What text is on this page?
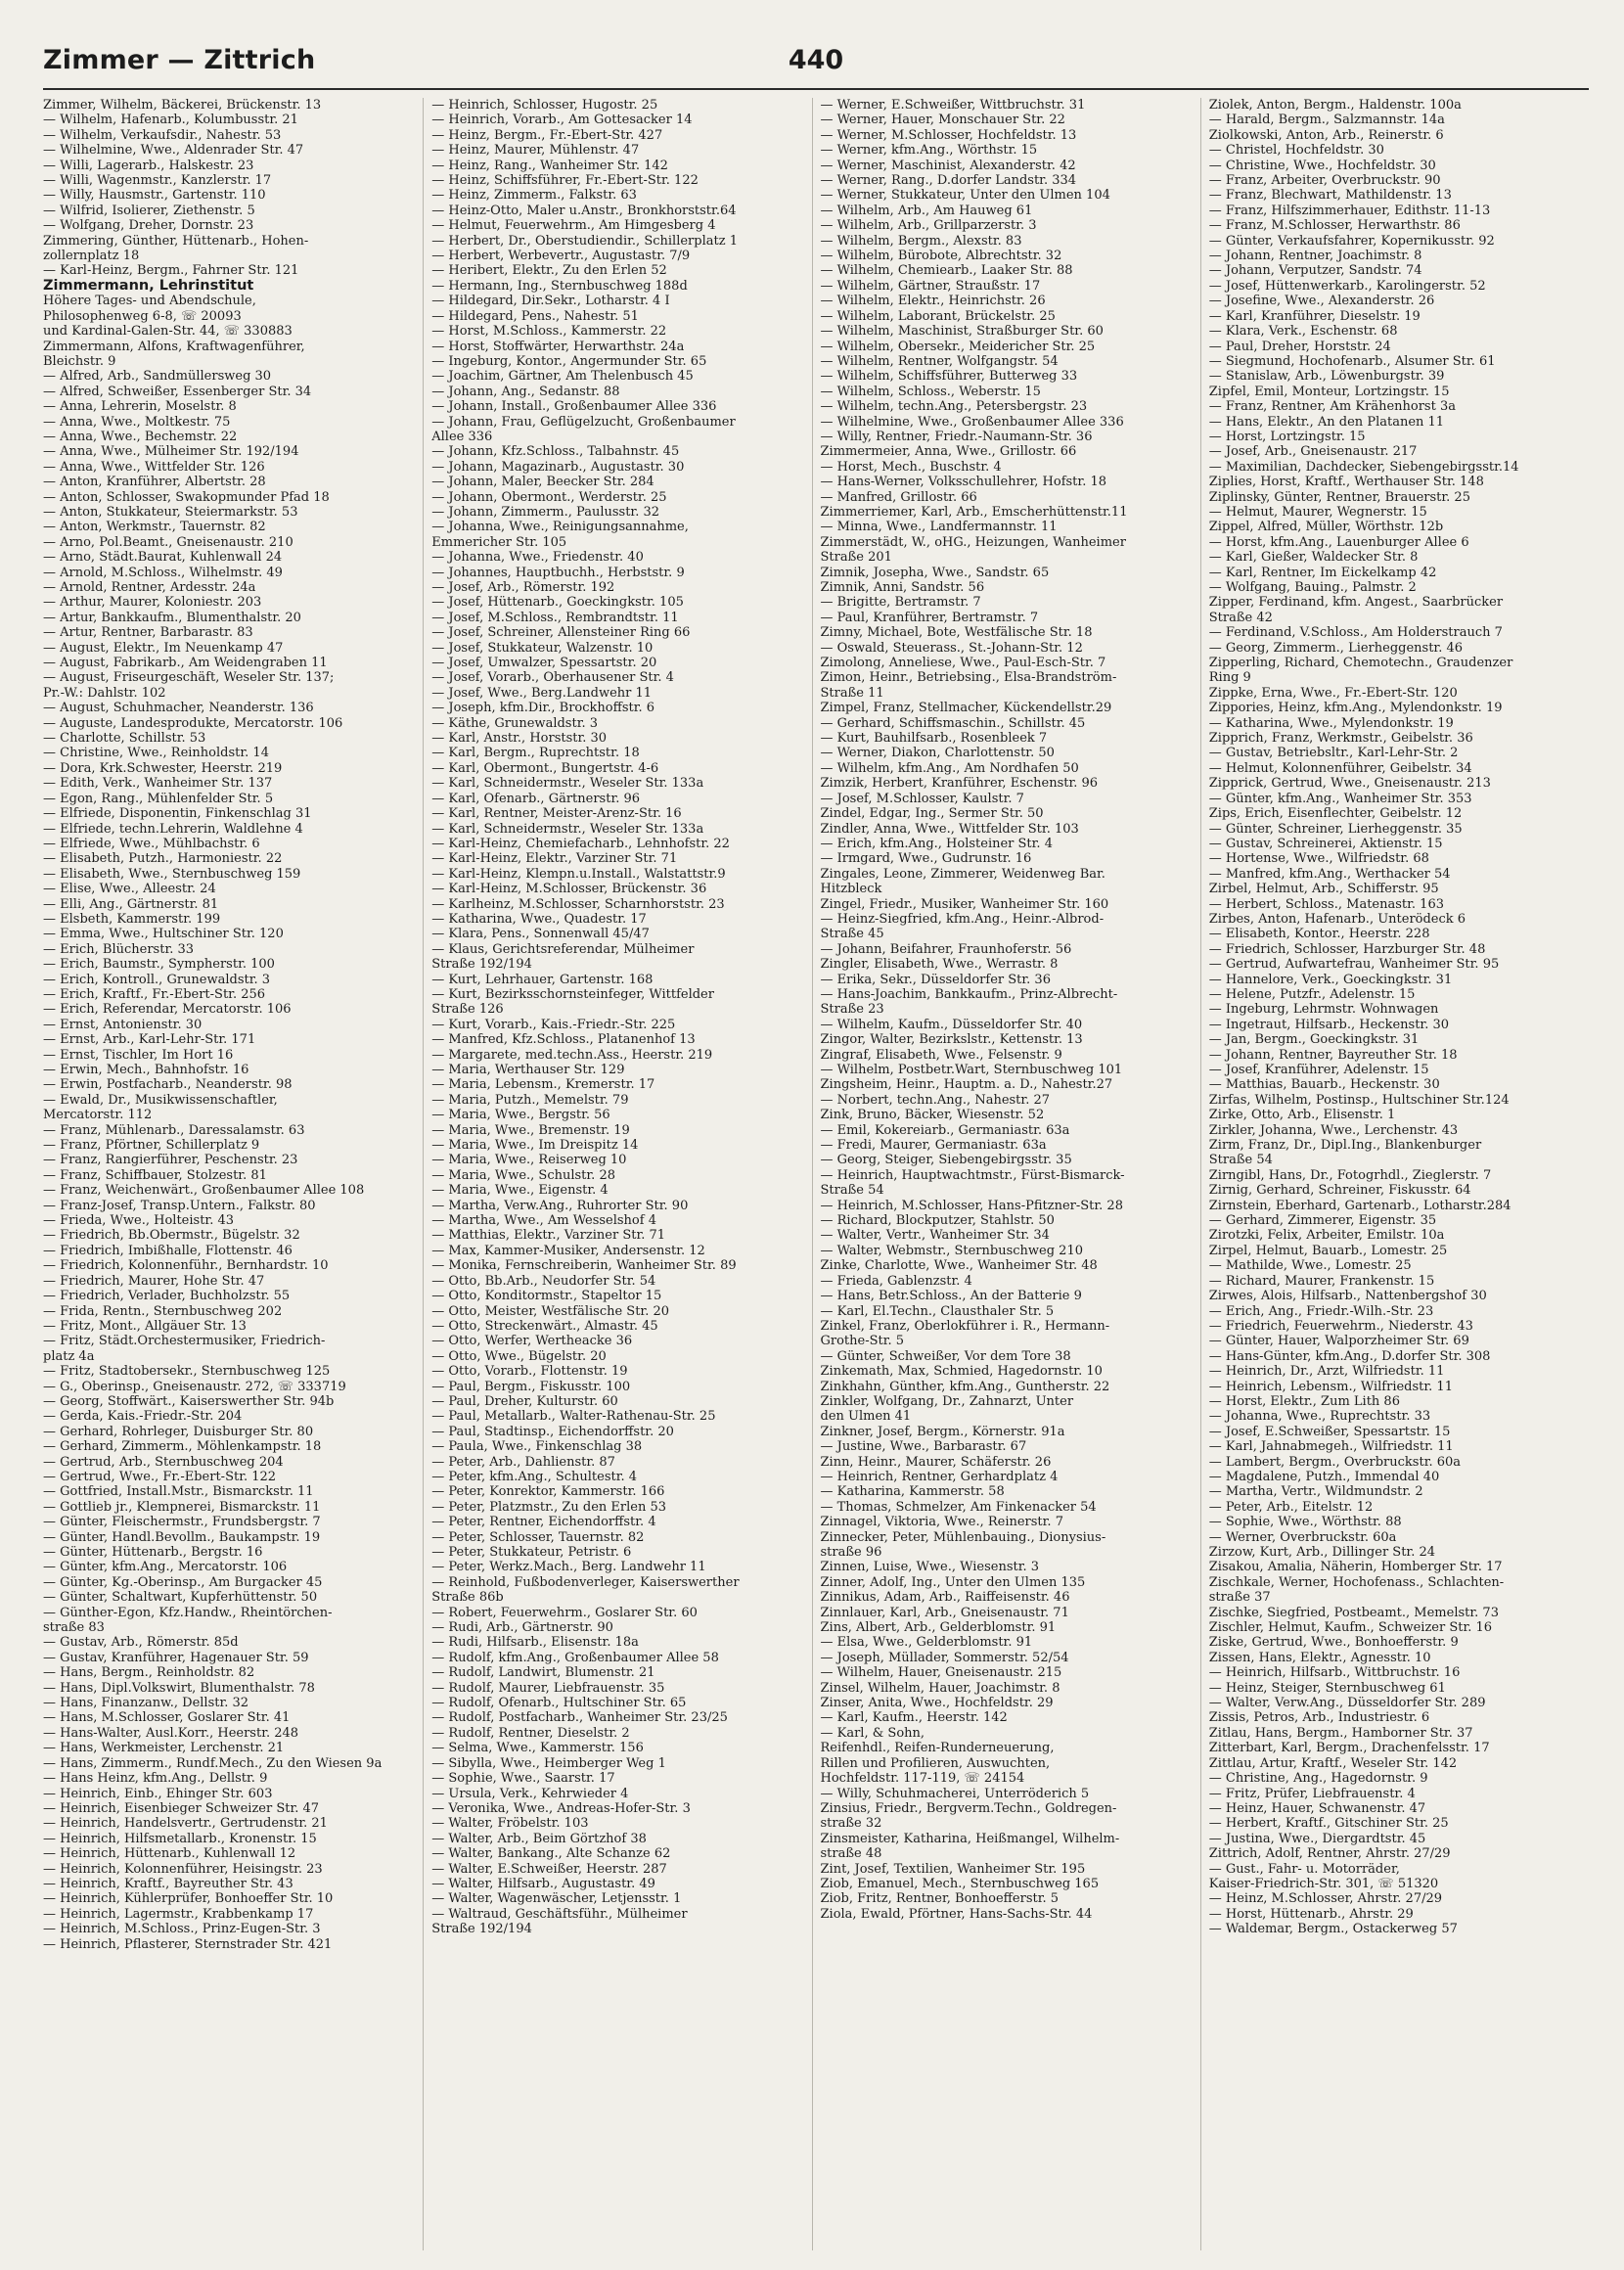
Zimmer — Zittrich	440
Zimmer, Wilhelm, Bäckerei, Brückenstr. 13
— Wilhelm, Hafenarb., Kolumbusstr. 21
— Wilhelm, Verkaufsdir., Nahestr. 53
— Wilhelmine, Wwe., Aldenrader Str. 47
— Willi, Lagerarb., Halskestr. 23
— Willi, Wagenmstr., Kanzlerstr. 17
— Willy, Hausmstr., Gartenstr. 110
— Wilfrid, Isolierer, Ziethenstr. 5
— Wolfgang, Dreher, Dornstr. 23
Zimmering, Günther, Hüttenarb., Hohen-
zollernplatz 18
— Karl-Heinz, Bergm., Fahrner Str. 121
Zimmermann, Lehrinstitut
Höhere Tages- und Abendschule,
Philosophenweg 6-8, ☏ 20093
und Kardinal-Galen-Str. 44, ☏ 330883
Zimmermann, Alfons, Kraftwagenführer,
Bleichstr. 9
— Alfred, Arb., Sandmüllersweg 30
— Alfred, Schweißer, Essenberger Str. 34
— Anna, Lehrerin, Moselstr. 8
— Anna, Wwe., Moltkestr. 75
— Anna, Wwe., Bechemstr. 22
— Anna, Wwe., Mülheimer Str. 192/194
— Anna, Wwe., Wittfelder Str. 126
— Anton, Kranführer, Albertstr. 28
— Anton, Schlosser, Swakopmunder Pfad 18
— Anton, Stukkateur, Steiermarkstr. 53
— Anton, Werkmstr., Tauernstr. 82
— Arno, Pol.Beamt., Gneisenaustr. 210
— Arno, Städt.Baurat, Kuhlenwall 24
— Arnold, M.Schloss., Wilhelmstr. 49
— Arnold, Rentner, Ardesstr. 24a
— Arthur, Maurer, Koloniestr. 203
— Artur, Bankkaufm., Blumenthalstr. 20
— Artur, Rentner, Barbarastr. 83
— August, Elektr., Im Neuenkamp 47
— August, Fabrikarb., Am Weidengraben 11
— August, Friseurgeschäft, Weseler Str. 137;
Pr.-W.: Dahlstr. 102
— August, Schuhmacher, Neanderstr. 136
— Auguste, Landesprodukte, Mercatorstr. 106
— Charlotte, Schillstr. 53
— Christine, Wwe., Reinholdstr. 14
— Dora, Krk.Schwester, Heerstr. 219
— Edith, Verk., Wanheimer Str. 137
— Egon, Rang., Mühlenfelder Str. 5
— Elfriede, Disponentin, Finkenschlag 31
— Elfriede, techn.Lehrerin, Waldlehne 4
— Elfriede, Wwe., Mühlbachstr. 6
— Elisabeth, Putzh., Harmoniestr. 22
— Elisabeth, Wwe., Sternbuschweg 159
— Elise, Wwe., Alleestr. 24
— Elli, Ang., Gärtnerstr. 81
— Elsbeth, Kammerstr. 199
— Emma, Wwe., Hultschiner Str. 120
— Erich, Blücherstr. 33
— Erich, Baumstr., Sympherstr. 100
— Erich, Kontroll., Grunewaldstr. 3
— Erich, Kraftf., Fr.-Ebert-Str. 256
— Erich, Referendar, Mercatorstr. 106
— Ernst, Antonienstr. 30
— Ernst, Arb., Karl-Lehr-Str. 171
— Ernst, Tischler, Im Hort 16
— Erwin, Mech., Bahnhofstr. 16
— Erwin, Postfacharb., Neanderstr. 98
— Ewald, Dr., Musikwissenschaftler,
Mercatorstr. 112
— Franz, Mühlenarb., Daressalamstr. 63
— Franz, Pförtner, Schillerplatz 9
— Franz, Rangierführer, Peschenstr. 23
— Franz, Schiffbauer, Stolzestr. 81
— Franz, Weichenwärt., Großenbaumer Allee 108
— Franz-Josef, Transp.Untern., Falkstr. 80
— Frieda, Wwe., Holteistr. 43
— Friedrich, Bb.Obermstr., Bügelstr. 32
— Friedrich, Imbißhalle, Flottenstr. 46
— Friedrich, Kolonnenführ., Bernhardstr. 10
— Friedrich, Maurer, Hohe Str. 47
— Friedrich, Verlader, Buchholzstr. 55
— Frida, Rentn., Sternbuschweg 202
— Fritz, Mont., Allgäuer Str. 13
— Fritz, Städt.Orchestermusiker, Friedrich-
platz 4a
— Fritz, Stadtobersekr., Sternbuschweg 125
— G., Oberinsp., Gneisenaustr. 272, ☏ 333719
— Georg, Stoffwärt., Kaiserswerther Str. 94b
— Gerda, Kais.-Friedr.-Str. 204
— Gerhard, Rohrleger, Duisburger Str. 80
— Gerhard, Zimmerm., Möhlenkampstr. 18
— Gertrud, Arb., Sternbuschweg 204
— Gertrud, Wwe., Fr.-Ebert-Str. 122
— Gottfried, Install.Mstr., Bismarckstr. 11
— Gottlieb jr., Klempnerei, Bismarckstr. 11
— Günter, Fleischermstr., Frundsbergstr. 7
— Günter, Handl.Bevollm., Baukampstr. 19
— Günter, Hüttenarb., Bergstr. 16
— Günter, kfm.Ang., Mercatorstr. 106
— Günter, Kg.-Oberinsp., Am Burgacker 45
— Günter, Schaltwart, Kupferhüttenstr. 50
— Günther-Egon, Kfz.Handw., Rheintörchen-
straße 83
— Gustav, Arb., Römerstr. 85d
— Gustav, Kranführer, Hagenauer Str. 59
— Hans, Bergm., Reinholdstr. 82
— Hans, Dipl.Volkswirt, Blumenthalstr. 78
— Hans, Finanzanw., Dellstr. 32
— Hans, M.Schlosser, Goslarer Str. 41
— Hans-Walter, Ausl.Korr., Heerstr. 248
— Hans, Werkmeister, Lerchenstr. 21
— Hans, Zimmerm., Rundf.Mech., Zu den Wiesen 9a
— Hans Heinz, kfm.Ang., Dellstr. 9
— Heinrich, Einb., Ehinger Str. 603
— Heinrich, Eisenbieger Schweizer Str. 47
— Heinrich, Handelsvertr., Gertrudenstr. 21
— Heinrich, Hilfsmetallarb., Kronenstr. 15
— Heinrich, Hüttenarb., Kuhlenwall 12
— Heinrich, Kolonnenführer, Heisingstr. 23
— Heinrich, Kraftf., Bayreuther Str. 43
— Heinrich, Kühlerprüfer, Bonhoeffer Str. 10
— Heinrich, Lagermstr., Krabbenkamp 17
— Heinrich, M.Schloss., Prinz-Eugen-Str. 3
— Heinrich, Pflasterer, Sternstrader Str. 421
— Heinrich, Schlosser, Hugostr. 25
— Heinrich, Vorarb., Am Gottesacker 14
— Heinz, Bergm., Fr.-Ebert-Str. 427
— Heinz, Maurer, Mühlenstr. 47
— Heinz, Rang., Wanheimer Str. 142
— Heinz, Schiffsführer, Fr.-Ebert-Str. 122
— Heinz, Zimmerm., Falkstr. 63
— Heinz-Otto, Maler u.Anstr., Bronkhorststr.64
— Helmut, Feuerwehrm., Am Himgesberg 4
— Herbert, Dr., Oberstudiendir., Schillerplatz 1
— Herbert, Werbevertr., Augustastr. 7/9
— Heribert, Elektr., Zu den Erlen 52
— Hermann, Ing., Sternbuschweg 188d
— Hildegard, Dir.Sekr., Lotharstr. 4 I
— Hildegard, Pens., Nahestr. 51
— Horst, M.Schloss., Kammerstr. 22
— Horst, Stoffwärter, Herwarthstr. 24a
— Ingeburg, Kontor., Angermunder Str. 65
— Joachim, Gärtner, Am Thelenbusch 45
— Johann, Ang., Sedanstr. 88
— Johann, Install., Großenbaumer Allee 336
— Johann, Frau, Geflügelzucht, Großenbaumer
Allee 336
— Johann, Kfz.Schloss., Talbahnstr. 45
— Johann, Magazinarb., Augustastr. 30
— Johann, Maler, Beecker Str. 284
— Johann, Obermont., Werderstr. 25
— Johann, Zimmerm., Paulusstr. 32
— Johanna, Wwe., Reinigungsannahme,
Emmericher Str. 105
— Johanna, Wwe., Friedenstr. 40
— Johannes, Hauptbuchh., Herbststr. 9
— Josef, Arb., Römerstr. 192
— Josef, Hüttenarb., Goeckingkstr. 105
— Josef, M.Schloss., Rembrandtstr. 11
— Josef, Schreiner, Allensteiner Ring 66
— Josef, Stukkateur, Walzenstr. 10
— Josef, Umwalzer, Spessartstr. 20
— Josef, Vorarb., Oberhausener Str. 4
— Josef, Wwe., Berg.Landwehr 11
— Joseph, kfm.Dir., Brockhoffstr. 6
— Käthe, Grunewaldstr. 3
— Karl, Anstr., Horststr. 30
— Karl, Bergm., Ruprechtstr. 18
— Karl, Obermont., Bungertstr. 4-6
— Karl, Schneidermstr., Weseler Str. 133a
— Karl, Ofenarb., Gärtnerstr. 96
— Karl, Rentner, Meister-Arenz-Str. 16
— Karl, Schneidermstr., Weseler Str. 133a
— Karl-Heinz, Chemiefacharb., Lehnhofstr. 22
— Karl-Heinz, Elektr., Varziner Str. 71
— Karl-Heinz, Klempn.u.Install., Walstattstr.9
— Karl-Heinz, M.Schlosser, Brückenstr. 36
— Karlheinz, M.Schlosser, Scharnhorststr. 23
— Katharina, Wwe., Quadestr. 17
— Klara, Pens., Sonnenwall 45/47
— Klaus, Gerichtsreferendar, Mülheimer
Straße 192/194
— Kurt, Lehrhauer, Gartenstr. 168
— Kurt, Bezirksschornsteinfeger, Wittfelder
Straße 126
— Kurt, Vorarb., Kais.-Friedr.-Str. 225
— Manfred, Kfz.Schloss., Platanenhof 13
— Margarete, med.techn.Ass., Heerstr. 219
— Maria, Werthauser Str. 129
— Maria, Lebensm., Kremerstr. 17
— Maria, Putzh., Memelstr. 79
— Maria, Wwe., Bergstr. 56
— Maria, Wwe., Bremenstr. 19
— Maria, Wwe., Im Dreispitz 14
— Maria, Wwe., Reiserweg 10
— Maria, Wwe., Schulstr. 28
— Maria, Wwe., Eigenstr. 4
— Martha, Verw.Ang., Ruhrorter Str. 90
— Martha, Wwe., Am Wesselshof 4
— Matthias, Elektr., Varziner Str. 71
— Max, Kammer-Musiker, Andersenstr. 12
— Monika, Fernschreiberin, Wanheimer Str. 89
— Otto, Bb.Arb., Neudorfer Str. 54
— Otto, Konditormstr., Stapeltor 15
— Otto, Meister, Westfälische Str. 20
— Otto, Streckenwärt., Almastr. 45
— Otto, Werfer, Wertheacke 36
— Otto, Wwe., Bügelstr. 20
— Otto, Vorarb., Flottenstr. 19
— Paul, Bergm., Fiskusstr. 100
— Paul, Dreher, Kulturstr. 60
— Paul, Metallarb., Walter-Rathenau-Str. 25
— Paul, Stadtinsp., Eichendorffstr. 20
— Paula, Wwe., Finkenschlag 38
— Peter, Arb., Dahlienstr. 87
— Peter, kfm.Ang., Schultestr. 4
— Peter, Konrektor, Kammerstr. 166
— Peter, Platzmstr., Zu den Erlen 53
— Peter, Rentner, Eichendorffstr. 4
— Peter, Schlosser, Tauernstr. 82
— Peter, Stukkateur, Petristr. 6
— Peter, Werkz.Mach., Berg. Landwehr 11
— Reinhold, Fußbodenverleger, Kaiserswerther
Straße 86b
— Robert, Feuerwehrm., Goslarer Str. 60
— Rudi, Arb., Gärtnerstr. 90
— Rudi, Hilfsarb., Elisenstr. 18a
— Rudolf, kfm.Ang., Großenbaumer Allee 58
— Rudolf, Landwirt, Blumenstr. 21
— Rudolf, Maurer, Liebfrauenstr. 35
— Rudolf, Ofenarb., Hultschiner Str. 65
— Rudolf, Postfacharb., Wanheimer Str. 23/25
— Rudolf, Rentner, Dieselstr. 2
— Selma, Wwe., Kammerstr. 156
— Sibylla, Wwe., Heimberger Weg 1
— Sophie, Wwe., Saarstr. 17
— Ursula, Verk., Kehrwieder 4
— Veronika, Wwe., Andreas-Hofer-Str. 3
— Walter, Fröbelstr. 103
— Walter, Arb., Beim Görtzhof 38
— Walter, Bankang., Alte Schanze 62
— Walter, E.Schweißer, Heerstr. 287
— Walter, Hilfsarb., Augustastr. 49
— Walter, Wagenwäscher, Letjensstr. 1
— Waltraud, Geschäftsführ., Mülheimer
Straße 192/194
— Werner, E.Schweißer, Wittbruchstr. 31
— Werner, Hauer, Monschauer Str. 22
— Werner, M.Schlosser, Hochfeldstr. 13
— Werner, kfm.Ang., Wörthstr. 15
— Werner, Maschinist, Alexanderstr. 42
— Werner, Rang., D.dorfer Landstr. 334
— Werner, Stukkateur, Unter den Ulmen 104
— Wilhelm, Arb., Am Hauweg 61
— Wilhelm, Arb., Grillparzerstr. 3
— Wilhelm, Bergm., Alexstr. 83
— Wilhelm, Bürobote, Albrechtstr. 32
— Wilhelm, Chemiearb., Laaker Str. 88
— Wilhelm, Gärtner, Straußstr. 17
— Wilhelm, Elektr., Heinrichstr. 26
— Wilhelm, Laborant, Brückelstr. 25
— Wilhelm, Maschinist, Straßburger Str. 60
— Wilhelm, Obersekr., Meidericher Str. 25
— Wilhelm, Rentner, Wolfgangstr. 54
— Wilhelm, Schiffsführer, Butterweg 33
— Wilhelm, Schloss., Weberstr. 15
— Wilhelm, techn.Ang., Petersbergstr. 23
— Wilhelmine, Wwe., Großenbaumer Allee 336
— Willy, Rentner, Friedr.-Naumann-Str. 36
Zimmermeier, Anna, Wwe., Grillostr. 66
— Horst, Mech., Buschstr. 4
— Hans-Werner, Volksschullehrer, Hofstr. 18
— Manfred, Grillostr. 66
Zimmerriemer, Karl, Arb., Emscherhüttenstr.11
— Minna, Wwe., Landfermannstr. 11
Zimmerstädt, W., oHG., Heizungen, Wanheimer
Straße 201
Zimnik, Josepha, Wwe., Sandstr. 65
Zimnik, Anni, Sandstr. 56
— Brigitte, Bertramstr. 7
— Paul, Kranführer, Bertramstr. 7
Zimny, Michael, Bote, Westfälische Str. 18
— Oswald, Steuerass., St.-Johann-Str. 12
Zimolong, Anneliese, Wwe., Paul-Esch-Str. 7
Zimon, Heinr., Betriebsing., Elsa-Brandström-
Straße 11
Zimpel, Franz, Stellmacher, Kückendellstr.29
— Gerhard, Schiffsmaschin., Schillstr. 45
— Kurt, Bauhilfsarb., Rosenbleek 7
— Werner, Diakon, Charlottenstr. 50
— Wilhelm, kfm.Ang., Am Nordhafen 50
Zimzik, Herbert, Kranführer, Eschenstr. 96
— Josef, M.Schlosser, Kaulstr. 7
Zindel, Edgar, Ing., Sermer Str. 50
Zindler, Anna, Wwe., Wittfelder Str. 103
— Erich, kfm.Ang., Holsteiner Str. 4
— Irmgard, Wwe., Gudrunstr. 16
Zingales, Leone, Zimmerer, Weidenweg Bar.
Hitzbleck
Zingel, Friedr., Musiker, Wanheimer Str. 160
— Heinz-Siegfried, kfm.Ang., Heinr.-Albrod-
Straße 45
— Johann, Beifahrer, Fraunhoferstr. 56
Zingler, Elisabeth, Wwe., Werrastr. 8
— Erika, Sekr., Düsseldorfer Str. 36
— Hans-Joachim, Bankkaufm., Prinz-Albrecht-
Straße 23
— Wilhelm, Kaufm., Düsseldorfer Str. 40
Zingor, Walter, Bezirkslstr., Kettenstr. 13
Zingraf, Elisabeth, Wwe., Felsenstr. 9
— Wilhelm, Postbetr.Wart, Sternbuschweg 101
Zingsheim, Heinr., Hauptm. a. D., Nahestr.27
— Norbert, techn.Ang., Nahestr. 27
Zink, Bruno, Bäcker, Wiesenstr. 52
— Emil, Kokereiarb., Germaniastr. 63a
— Fredi, Maurer, Germaniastr. 63a
— Georg, Steiger, Siebengebirgsstr. 35
— Heinrich, Hauptwachtmstr., Fürst-Bismarck-
Straße 54
— Heinrich, M.Schlosser, Hans-Pfitzner-Str. 28
— Richard, Blockputzer, Stahlstr. 50
— Walter, Vertr., Wanheimer Str. 34
— Walter, Webmstr., Sternbuschweg 210
Zinke, Charlotte, Wwe., Wanheimer Str. 48
— Frieda, Gablenzstr. 4
— Hans, Betr.Schloss., An der Batterie 9
— Karl, El.Techn., Clausthaler Str. 5
Zinkel, Franz, Oberlokführer i. R., Hermann-
Grothe-Str. 5
— Günter, Schweißer, Vor dem Tore 38
Zinkemath, Max, Schmied, Hagedornstr. 10
Zinkhahn, Günther, kfm.Ang., Guntherstr. 22
Zinkler, Wolfgang, Dr., Zahnarzt, Unter
den Ulmen 41
Zinkner, Josef, Bergm., Körnerstr. 91a
— Justine, Wwe., Barbarastr. 67
Zinn, Heinr., Maurer, Schäferstr. 26
— Heinrich, Rentner, Gerhardplatz 4
— Katharina, Kammerstr. 58
— Thomas, Schmelzer, Am Finkenacker 54
Zinnagel, Viktoria, Wwe., Reinerstr. 7
Zinnecker, Peter, Mühlenbauing., Dionysius-
straße 96
Zinnen, Luise, Wwe., Wiesenstr. 3
Zinner, Adolf, Ing., Unter den Ulmen 135
Zinnikus, Adam, Arb., Raiffeisenstr. 46
Zinnlauer, Karl, Arb., Gneisenaustr. 71
Zins, Albert, Arb., Gelderblomstr. 91
— Elsa, Wwe., Gelderblomstr. 91
— Joseph, Müllader, Sommerstr. 52/54
— Wilhelm, Hauer, Gneisenaustr. 215
Zinsel, Wilhelm, Hauer, Joachimstr. 8
Zinser, Anita, Wwe., Hochfeldstr. 29
— Karl, Kaufm., Heerstr. 142
— Karl, & Sohn,
Reifenhdl., Reifen-Runderneuerung,
Rillen und Profilieren, Auswuchten,
Hochfeldstr. 117-119, ☏ 24154
— Willy, Schuhmacherei, Unterröderich 5
Zinsius, Friedr., Bergverm.Techn., Goldregen-
straße 32
Zinsmeister, Katharina, Heißmangel, Wilhelm-
straße 48
Zint, Josef, Textilien, Wanheimer Str. 195
Ziob, Emanuel, Mech., Sternbuschweg 165
Ziob, Fritz, Rentner, Bonhoefferstr. 5
Ziola, Ewald, Pförtner, Hans-Sachs-Str. 44
Ziolek, Anton, Bergm., Haldenstr. 100a
— Harald, Bergm., Salzmannstr. 14a
Ziolkowski, Anton, Arb., Reinerstr. 6
— Christel, Hochfeldstr. 30
— Christine, Wwe., Hochfeldstr. 30
— Franz, Arbeiter, Overbruckstr. 90
— Franz, Blechwart, Mathildenstr. 13
— Franz, Hilfszimmerhauer, Edithstr. 11-13
— Franz, M.Schlosser, Herwarthstr. 86
— Günter, Verkaufsfahrer, Kopernikusstr. 92
— Johann, Rentner, Joachimstr. 8
— Johann, Verputzer, Sandstr. 74
— Josef, Hüttenwerkarb., Karolingerstr. 52
— Josefine, Wwe., Alexanderstr. 26
— Karl, Kranführer, Dieselstr. 19
— Klara, Verk., Eschenstr. 68
— Paul, Dreher, Horststr. 24
— Siegmund, Hochofenarb., Alsumer Str. 61
— Stanislaw, Arb., Löwenburgstr. 39
Zipfel, Emil, Monteur, Lortzingstr. 15
— Franz, Rentner, Am Krähenhorst 3a
— Hans, Elektr., An den Platanen 11
— Horst, Lortzingstr. 15
— Josef, Arb., Gneisenaustr. 217
— Maximilian, Dachdecker, Siebengebirgsstr.14
Ziplies, Horst, Kraftf., Werthauser Str. 148
Ziplinsky, Günter, Rentner, Brauerstr. 25
— Helmut, Maurer, Wegnerstr. 15
Zippel, Alfred, Müller, Wörthstr. 12b
— Horst, kfm.Ang., Lauenburger Allee 6
— Karl, Gießer, Waldecker Str. 8
— Karl, Rentner, Im Eickelkamp 42
— Wolfgang, Bauing., Palmstr. 2
Zipper, Ferdinand, kfm. Angest., Saarbrücker
Straße 42
— Ferdinand, V.Schloss., Am Holderstrauch 7
— Georg, Zimmerm., Lierheggenstr. 46
Zipperling, Richard, Chemotechn., Graudenzer
Ring 9
Zippke, Erna, Wwe., Fr.-Ebert-Str. 120
Zippories, Heinz, kfm.Ang., Mylendonkstr. 19
— Katharina, Wwe., Mylendonkstr. 19
Zipprich, Franz, Werkmstr., Geibelstr. 36
— Gustav, Betriebsltr., Karl-Lehr-Str. 2
— Helmut, Kolonnenführer, Geibelstr. 34
Zipprick, Gertrud, Wwe., Gneisenaustr. 213
— Günter, kfm.Ang., Wanheimer Str. 353
Zips, Erich, Eisenflechter, Geibelstr. 12
— Günter, Schreiner, Lierheggenstr. 35
— Gustav, Schreinerei, Aktienstr. 15
— Hortense, Wwe., Wilfriedstr. 68
— Manfred, kfm.Ang., Werthacker 54
Zirbel, Helmut, Arb., Schifferstr. 95
— Herbert, Schloss., Matenastr. 163
Zirbes, Anton, Hafenarb., Unterödeck 6
— Elisabeth, Kontor., Heerstr. 228
— Friedrich, Schlosser, Harzburger Str. 48
— Gertrud, Aufwartefrau, Wanheimer Str. 95
— Hannelore, Verk., Goeckingkstr. 31
— Helene, Putzfr., Adelenstr. 15
— Ingeburg, Lehrmstr. Wohnwagen
— Ingetraut, Hilfsarb., Heckenstr. 30
— Jan, Bergm., Goeckingkstr. 31
— Johann, Rentner, Bayreuther Str. 18
— Josef, Kranführer, Adelenstr. 15
— Matthias, Bauarb., Heckenstr. 30
Zirfas, Wilhelm, Postinsp., Hultschiner Str.124
Zirke, Otto, Arb., Elisenstr. 1
Zirkler, Johanna, Wwe., Lerchenstr. 43
Zirm, Franz, Dr., Dipl.Ing., Blankenburger
Straße 54
Zirngibl, Hans, Dr., Fotogrhdl., Zieglerstr. 7
Zirnig, Gerhard, Schreiner, Fiskusstr. 64
Zirnstein, Eberhard, Gartenarb., Lotharstr.284
— Gerhard, Zimmerer, Eigenstr. 35
Zirotzki, Felix, Arbeiter, Emilstr. 10a
Zirpel, Helmut, Bauarb., Lomestr. 25
— Mathilde, Wwe., Lomestr. 25
— Richard, Maurer, Frankenstr. 15
Zirwes, Alois, Hilfsarb., Nattenbergshof 30
— Erich, Ang., Friedr.-Wilh.-Str. 23
— Friedrich, Feuerwehrm., Niederstr. 43
— Günter, Hauer, Walporzheimer Str. 69
— Hans-Günter, kfm.Ang., D.dorfer Str. 308
— Heinrich, Dr., Arzt, Wilfriedstr. 11
— Heinrich, Lebensm., Wilfriedstr. 11
— Horst, Elektr., Zum Lith 86
— Johanna, Wwe., Ruprechtstr. 33
— Josef, E.Schweißer, Spessartstr. 15
— Karl, Jahnabmegeh., Wilfriedstr. 11
— Lambert, Bergm., Overbruckstr. 60a
— Magdalene, Putzh., Immendal 40
— Martha, Vertr., Wildmundstr. 2
— Peter, Arb., Eitelstr. 12
— Sophie, Wwe., Wörthstr. 88
— Werner, Overbruckstr. 60a
Zirzow, Kurt, Arb., Dillinger Str. 24
Zisakou, Amalia, Näherin, Homberger Str. 17
Zischkale, Werner, Hochofenass., Schlachten-
straße 37
Zischke, Siegfried, Postbeamt., Memelstr. 73
Zischler, Helmut, Kaufm., Schweizer Str. 16
Ziske, Gertrud, Wwe., Bonhoefferstr. 9
Zissen, Hans, Elektr., Agnesstr. 10
— Heinrich, Hilfsarb., Wittbruchstr. 16
— Heinz, Steiger, Sternbuschweg 61
— Walter, Verw.Ang., Düsseldorfer Str. 289
Zissis, Petros, Arb., Industriestr. 6
Zitlau, Hans, Bergm., Hamborner Str. 37
Zitterbart, Karl, Bergm., Drachenfelsstr. 17
Zittlau, Artur, Kraftf., Weseler Str. 142
— Christine, Ang., Hagedornstr. 9
— Fritz, Prüfer, Liebfrauenstr. 4
— Heinz, Hauer, Schwanenstr. 47
— Herbert, Kraftf., Gitschiner Str. 25
— Justina, Wwe., Diergardtstr. 45
Zittrich, Adolf, Rentner, Ahrstr. 27/29
— Gust., Fahr- u. Motorräder,
Kaiser-Friedrich-Str. 301, ☏ 51320
— Heinz, M.Schlosser, Ahrstr. 27/29
— Horst, Hüttenarb., Ahrstr. 29
— Waldemar, Bergm., Ostackerweg 57
